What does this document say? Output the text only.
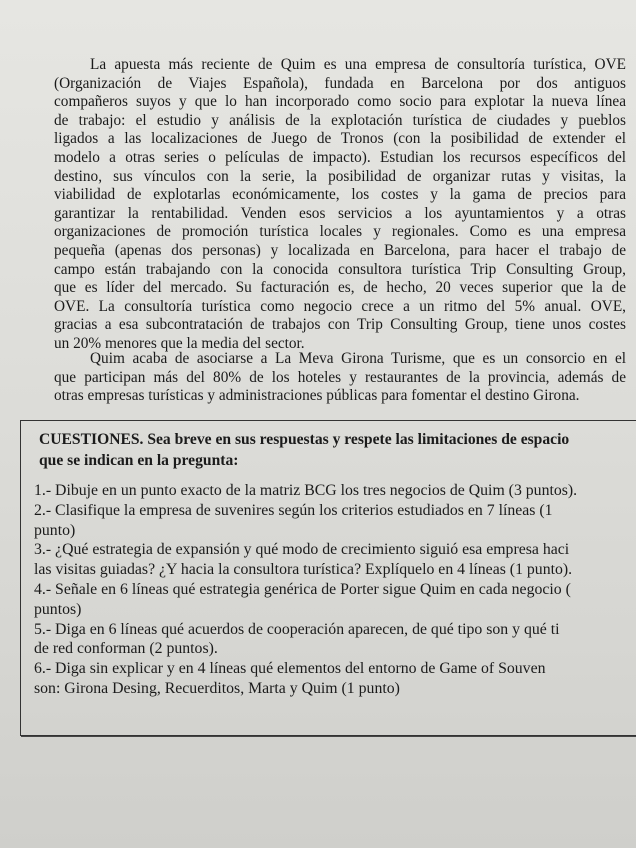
La apuesta más reciente de Quim es una empresa de consultoría turística, OVE
(Organización de Viajes Española), fundada en Barcelona por dos antiguos
compañeros suyos y que lo han incorporado como socio para explotar la nueva línea
de trabajo: el estudio y análisis de la explotación turística de ciudades y pueblos
ligados a las localizaciones de Juego de Tronos (con la posibilidad de extender el
modelo a otras series o películas de impacto). Estudian los recursos específicos del
destino, sus vínculos con la serie, la posibilidad de organizar rutas y visitas, la
viabilidad de explotarlas económicamente, los costes y la gama de precios para
garantizar la rentabilidad. Venden esos servicios a los ayuntamientos y a otras
organizaciones de promoción turística locales y regionales. Como es una empresa
pequeña (apenas dos personas) y localizada en Barcelona, para hacer el trabajo de
campo están trabajando con la conocida consultora turística Trip Consulting Group,
que es líder del mercado. Su facturación es, de hecho, 20 veces superior que la de
OVE. La consultoría turística como negocio crece a un ritmo del 5% anual. OVE,
gracias a esa subcontratación de trabajos con Trip Consulting Group, tiene unos costes
un 20% menores que la media del sector.
Quim acaba de asociarse a La Meva Girona Turisme, que es un consorcio en el
que participan más del 80% de los hoteles y restaurantes de la provincia, además de
otras empresas turísticas y administraciones públicas para fomentar el destino Girona.
CUESTIONES. Sea breve en sus respuestas y respete las limitaciones de espacio
que se indican en la pregunta:
1.- Dibuje en un punto exacto de la matriz BCG los tres negocios de Quim (3 puntos).
2.- Clasifique la empresa de suvenires según los criterios estudiados en 7 líneas (1
punto)
3.- ¿Qué estrategia de expansión y qué modo de crecimiento siguió esa empresa haci
las visitas guiadas? ¿Y hacia la consultora turística? Explíquelo en 4 líneas (1 punto).
4.- Señale en 6 líneas qué estrategia genérica de Porter sigue Quim en cada negocio (
puntos)
5.- Diga en 6 líneas qué acuerdos de cooperación aparecen, de qué tipo son y qué ti
de red conforman (2 puntos).
6.- Diga sin explicar y en 4 líneas qué elementos del entorno de Game of Souven
son: Girona Desing, Recuerditos, Marta y Quim (1 punto)
